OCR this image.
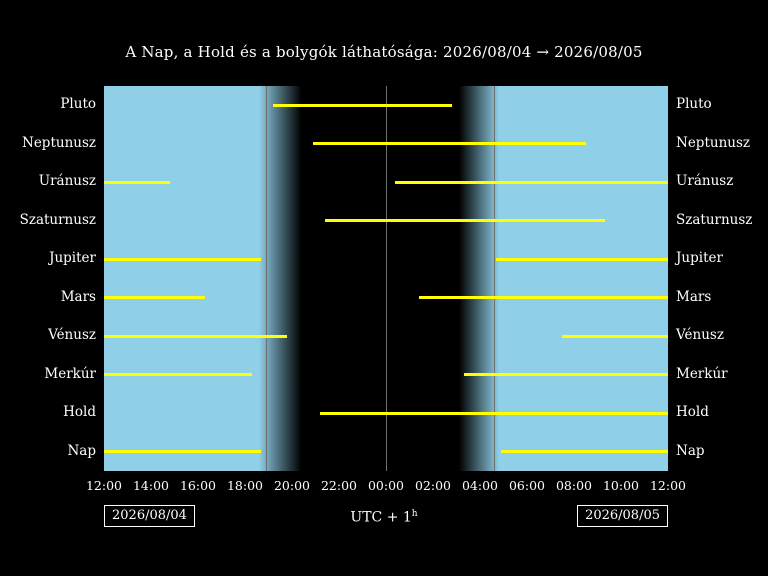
A Nap, a Hold és a bolygók láthatósága: 2026/08/04 → 2026/08/05
Pluto
Neptunusz
Uránusz
Szaturnusz
Jupiter
Mars
Vénusz
Merkúr
Hold
Nap
Pluto
Neptunusz
Uránusz
Szaturnusz
Jupiter
Mars
Vénusz
Merkúr
Hold
Nap
12:00 14:00 16:00 18:00 20:00 22:00 00:00 02:00 04:00 06:00 08:00 10:00 12:00
2026/08/04	2026/08/05
UTC + $1^h$
